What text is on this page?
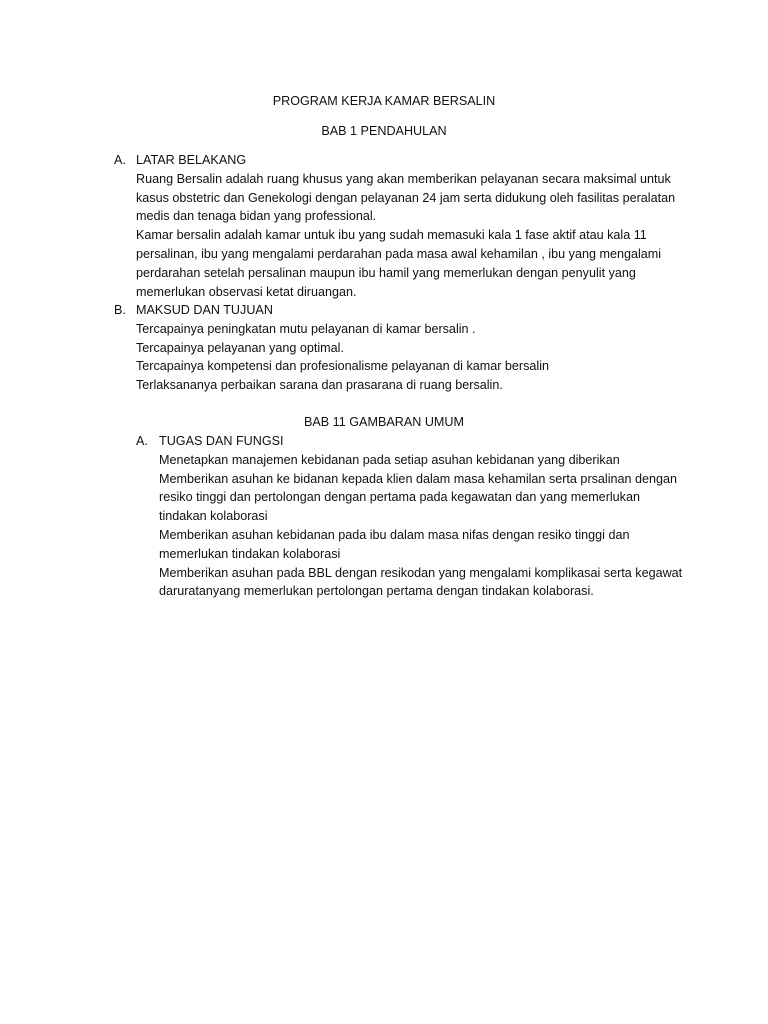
PROGRAM KERJA KAMAR BERSALIN
BAB 1 PENDAHULAN
A. LATAR BELAKANG
Ruang Bersalin adalah ruang khusus yang akan memberikan pelayanan secara maksimal untuk
kasus obstetric dan Genekologi dengan pelayanan 24 jam serta didukung oleh fasilitas peralatan
medis dan tenaga bidan yang professional.
Kamar bersalin adalah kamar untuk ibu yang sudah memasuki kala 1 fase aktif atau kala 11
persalinan, ibu yang mengalami perdarahan pada masa awal kehamilan , ibu yang mengalami
perdarahan setelah persalinan maupun ibu hamil yang memerlukan dengan penyulit yang
memerlukan observasi ketat diruangan.
B. MAKSUD DAN TUJUAN
Tercapainya peningkatan mutu pelayanan di kamar bersalin .
Tercapainya pelayanan yang optimal.
Tercapainya kompetensi dan profesionalisme pelayanan di kamar bersalin
Terlaksananya perbaikan sarana dan prasarana di ruang bersalin.
BAB 11 GAMBARAN UMUM
A. TUGAS DAN FUNGSI
Menetapkan manajemen kebidanan pada setiap asuhan kebidanan yang diberikan
Memberikan asuhan ke bidanan kepada klien dalam masa kehamilan serta prsalinan dengan
resiko tinggi dan pertolongan dengan pertama pada kegawatan dan yang memerlukan
tindakan kolaborasi
Memberikan asuhan kebidanan pada ibu dalam masa nifas dengan resiko tinggi dan
memerlukan tindakan kolaborasi
Memberikan asuhan pada BBL dengan resikodan yang mengalami komplikasai serta kegawat
daruratanyang memerlukan pertolongan pertama dengan tindakan kolaborasi.
